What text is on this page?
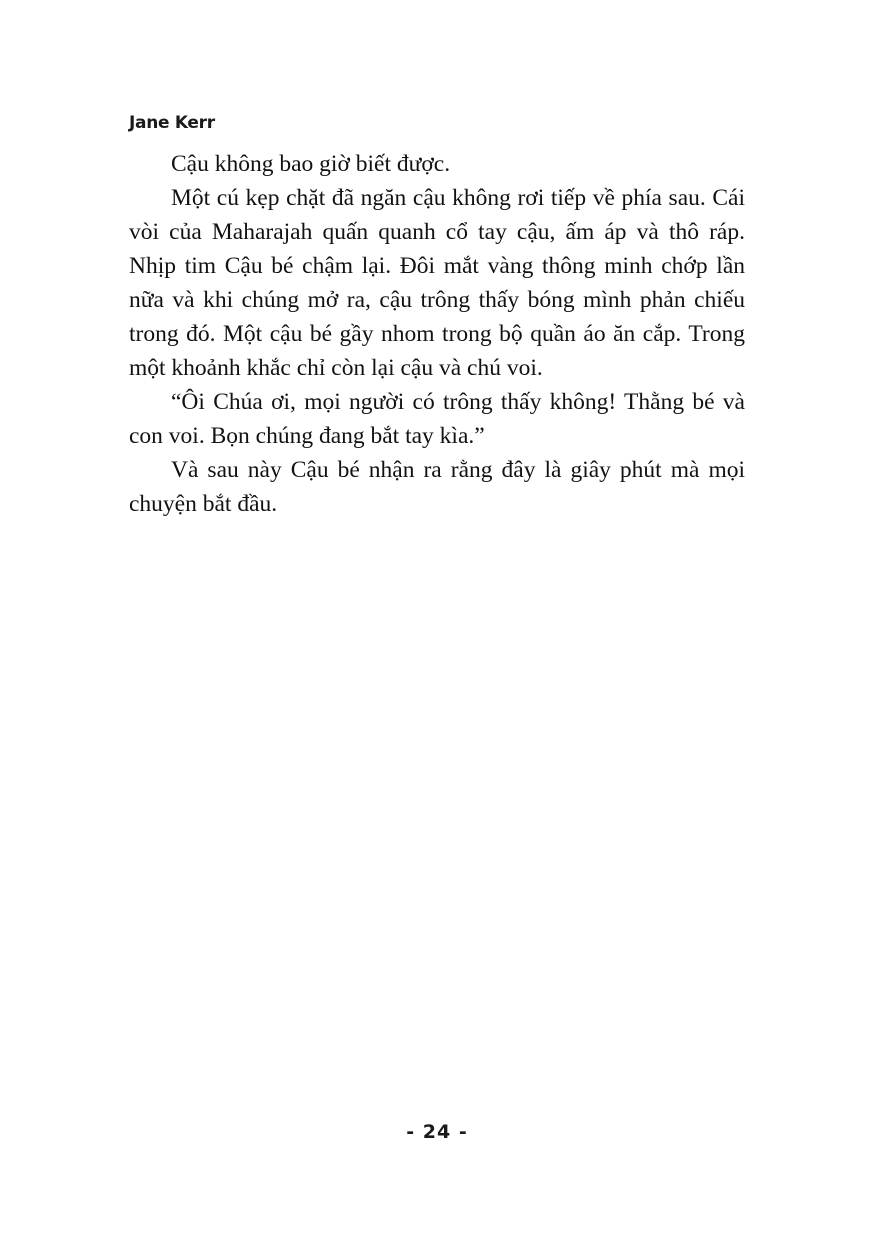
Jane Kerr

Cậu không bao giờ biết được.

Một cú kẹp chặt đã ngăn cậu không rơi tiếp về phía sau. Cái vòi của Maharajah quấn quanh cổ tay cậu, ấm áp và thô ráp. Nhịp tim Cậu bé chậm lại. Đôi mắt vàng thông minh chớp lần nữa và khi chúng mở ra, cậu trông thấy bóng mình phản chiếu trong đó. Một cậu bé gầy nhom trong bộ quần áo ăn cắp. Trong một khoảnh khắc chỉ còn lại cậu và chú voi.

“Ôi Chúa ơi, mọi người có trông thấy không! Thằng bé và con voi. Bọn chúng đang bắt tay kìa.”

Và sau này Cậu bé nhận ra rằng đây là giây phút mà mọi chuyện bắt đầu.

- 24 -
